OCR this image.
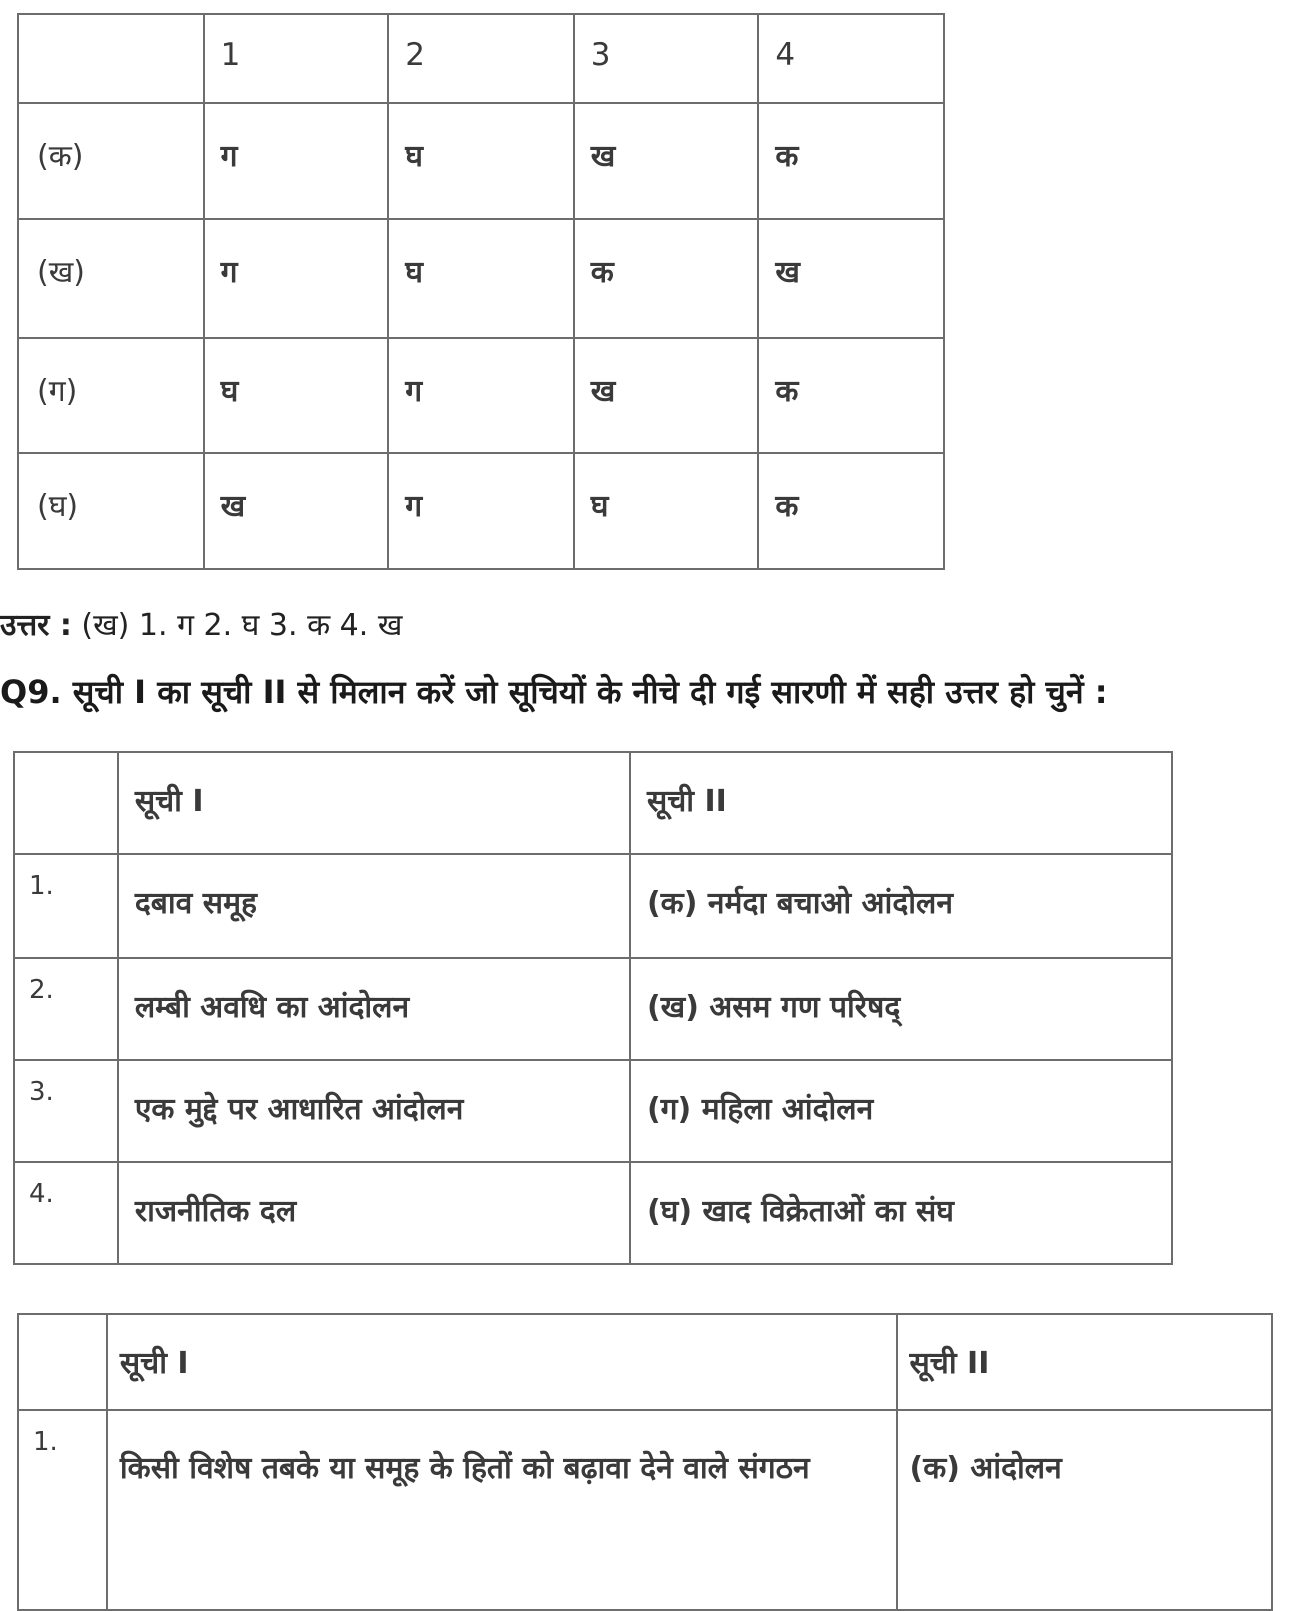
	1	2	3	4
(क)	ग	घ	ख	क
(ख)	ग	घ	क	ख
(ग)	घ	ग	ख	क
(घ)	ख	ग	घ	क
उत्तर : (ख) 1. ग 2. घ 3. क 4. ख
Q9. सूची I का सूची II से मिलान करें जो सूचियों के नीचे दी गई सारणी में सही उत्तर हो चुनें :
	सूची I	सूची II
1.	दबाव समूह	(क) नर्मदा बचाओ आंदोलन
2.	लम्बी अवधि का आंदोलन	(ख) असम गण परिषद्
3.	एक मुद्दे पर आधारित आंदोलन	(ग) महिला आंदोलन
4.	राजनीतिक दल	(घ) खाद विक्रेताओं का संघ
	सूची I	सूची II
1.	किसी विशेष तबके या समूह के हितों को बढ़ावा देने वाले संगठन	(क) आंदोलन
